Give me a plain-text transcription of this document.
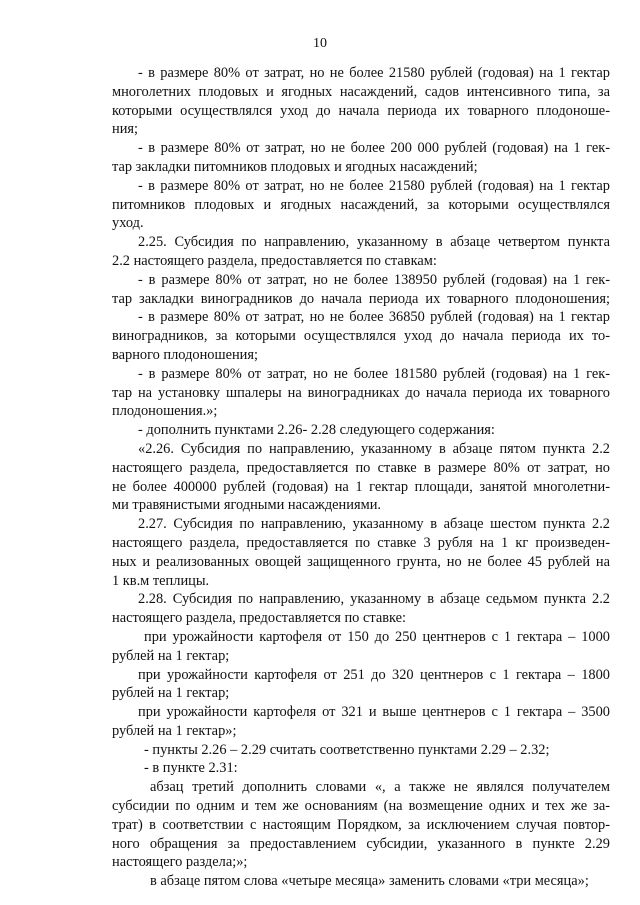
10
- в размере 80% от затрат, но не более 21580 рублей (годовая) на 1 гектар
многолетних плодовых и ягодных насаждений, садов интенсивного типа, за
которыми осуществлялся уход до начала периода их товарного плодоноше-
ния;
- в размере 80% от затрат, но не более 200 000 рублей (годовая) на 1 гек-
тар закладки питомников плодовых и ягодных насаждений;
- в размере 80% от затрат, но не более 21580 рублей (годовая) на 1 гектар
питомников плодовых и ягодных насаждений, за которыми осуществлялся
уход.
2.25. Субсидия по направлению, указанному в абзаце четвертом пункта
2.2 настоящего раздела, предоставляется по ставкам:
- в размере 80% от затрат, но не более 138950 рублей (годовая) на 1 гек-
тар закладки виноградников до начала периода их товарного плодоношения;
- в размере 80% от затрат, но не более 36850 рублей (годовая) на 1 гектар
виноградников, за которыми осуществлялся уход до начала периода их то-
варного плодоношения;
- в размере 80% от затрат, но не более 181580 рублей (годовая) на 1 гек-
тар на установку шпалеры на виноградниках до начала периода их товарного
плодоношения.»;
- дополнить пунктами 2.26- 2.28 следующего содержания:
«2.26. Субсидия по направлению, указанному в абзаце пятом пункта 2.2
настоящего раздела, предоставляется по ставке в размере 80% от затрат, но
не более 400000 рублей (годовая) на 1 гектар площади, занятой многолетни-
ми травянистыми ягодными насаждениями.
2.27. Субсидия по направлению, указанному в абзаце шестом пункта 2.2
настоящего раздела, предоставляется по ставке 3 рубля на 1 кг произведен-
ных и реализованных овощей защищенного грунта, но не более 45 рублей на
1 кв.м теплицы.
2.28. Субсидия по направлению, указанному в абзаце седьмом пункта 2.2
настоящего раздела, предоставляется по ставке:
при урожайности картофеля от 150 до 250 центнеров с 1 гектара – 1000
рублей на 1 гектар;
при урожайности картофеля от 251 до 320 центнеров с 1 гектара – 1800
рублей на 1 гектар;
при урожайности картофеля от 321 и выше центнеров с 1 гектара – 3500
рублей на 1 гектар»;
- пункты 2.26 – 2.29 считать соответственно пунктами 2.29 – 2.32;
- в пункте 2.31:
абзац третий дополнить словами «, а также не являлся получателем
субсидии по одним и тем же основаниям (на возмещение одних и тех же за-
трат) в соответствии с настоящим Порядком, за исключением случая повтор-
ного обращения за предоставлением субсидии, указанного в пункте 2.29
настоящего раздела;»;
в абзаце пятом слова «четыре месяца» заменить словами «три месяца»;
